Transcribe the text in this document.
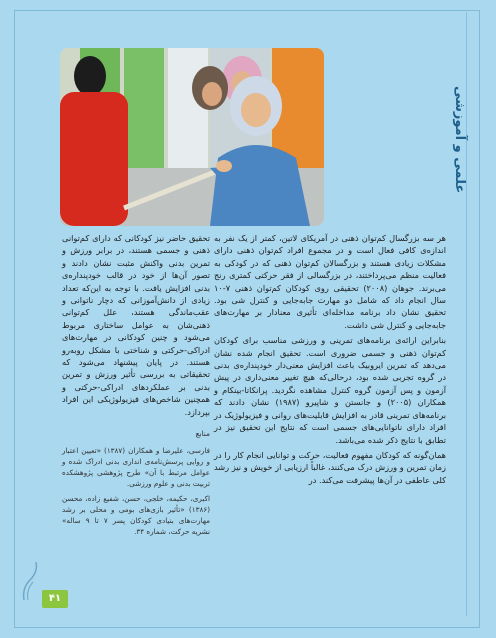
علمی و آموزشی

هر سه بزرگسال کم‌توان ذهنی در آمریکای لاتین، کمتر از یک نفر به اندازه‌ی کافی فعال است و در مجموع افراد کم‌توان ذهنی دارای مشکلات زیادی هستند و بزرگسالان کم‌توان ذهنی که در کودکی به فعالیت منظم می‌پرداختند، در بزرگسالی از فقر حرکتی کمتری رنج می‌برند. جوهان (۲۰۰۸) تحقیقی روی کودکان کم‌توان ذهنی ۷-۱۰ سال انجام داد که شامل دو مهارت جابه‌جایی و کنترل شی بود. تحقیق نشان داد برنامه مداخله‌ای تأثیری معنادار بر مهارت‌های جابه‌جایی و کنترل شی داشت.

بنابراین ارائه‌ی برنامه‌های تمرینی و ورزشی مناسب برای کودکان کم‌توان ذهنی و جسمی ضروری است. تحقیق انجام شده نشان می‌دهد که تمرین ایروبیک باعث افزایش معنی‌دار خودپنداره‌ی بدنی در گروه تجربی شده بود، درحالی‌که هیچ تغییر معنی‌داری در پیش آزمون و پس آزمون گروه کنترل مشاهده نگردید. پرانکاتا-بینکام و همکاران (۲۰۰۵) و جانستن و شاپیرو (۱۹۸۷) نشان دادند که برنامه‌های تمرینی قادر به افزایش قابلیت‌های روانی و فیزیولوژیک در افراد دارای ناتوانایی‌های جسمی است که نتایج این تحقیق نیز در تطابق با نتایج ذکر شده می‌باشد.

همان‌گونه که کودکان مفهوم فعالیت، حرکت و توانایی انجام کار را در زمان تمرین و ورزش درک می‌کنند، غالباً ارزیابی از خویش و نیز رشد کلی عاطفی در آن‌ها پیشرفت می‌کند. در

تحقیق حاضر نیز کودکانی که دارای کم‌توانی ذهنی و جسمی هستند، در برابر ورزش و تمرین بدنی واکنش مثبت نشان دادند و تصور آن‌ها از خود در قالب خودپنداره‌ی بدنی افزایش یافت. با توجه به این‌که تعداد زیادی از دانش‌آموزانی که دچار ناتوانی و عقب‌ماندگی هستند، علل کم‌توانی ذهنی‌شان به عوامل ساختاری مربوط می‌شود و چنین کودکانی در مهارت‌های ادراکی-حرکتی و شناختی با مشکل روبه‌رو هستند. در پایان پیشنهاد می‌شود که تحقیقاتی به بررسی تأثیر ورزش و تمرین بدنی بر عملکردهای ادراکی-حرکتی و همچنین شاخص‌های فیزیولوژیکی این افراد بپردازد.

منابع
فارسی، علیرضا و همکاران (۱۳۸۷) «تعیین اعتبار و روایی پرسش‌نامه‌ی انداری بدنی ادراک شده و عوامل مرتبط با آن» طرح پژوهشی پژوهشکده تربیت بدنی و علوم ورزشی.
اکبری، حکیمه، خلجی، حسن، شفیع زاده، محسن (۱۳۸۶) «تأثیر بازی‌های بومی و محلی بر رشد مهارت‌های بنیادی کودکان پسر ۷ تا ۹ ساله» نشریه حرکت، شماره ۳۴.
۴۱
